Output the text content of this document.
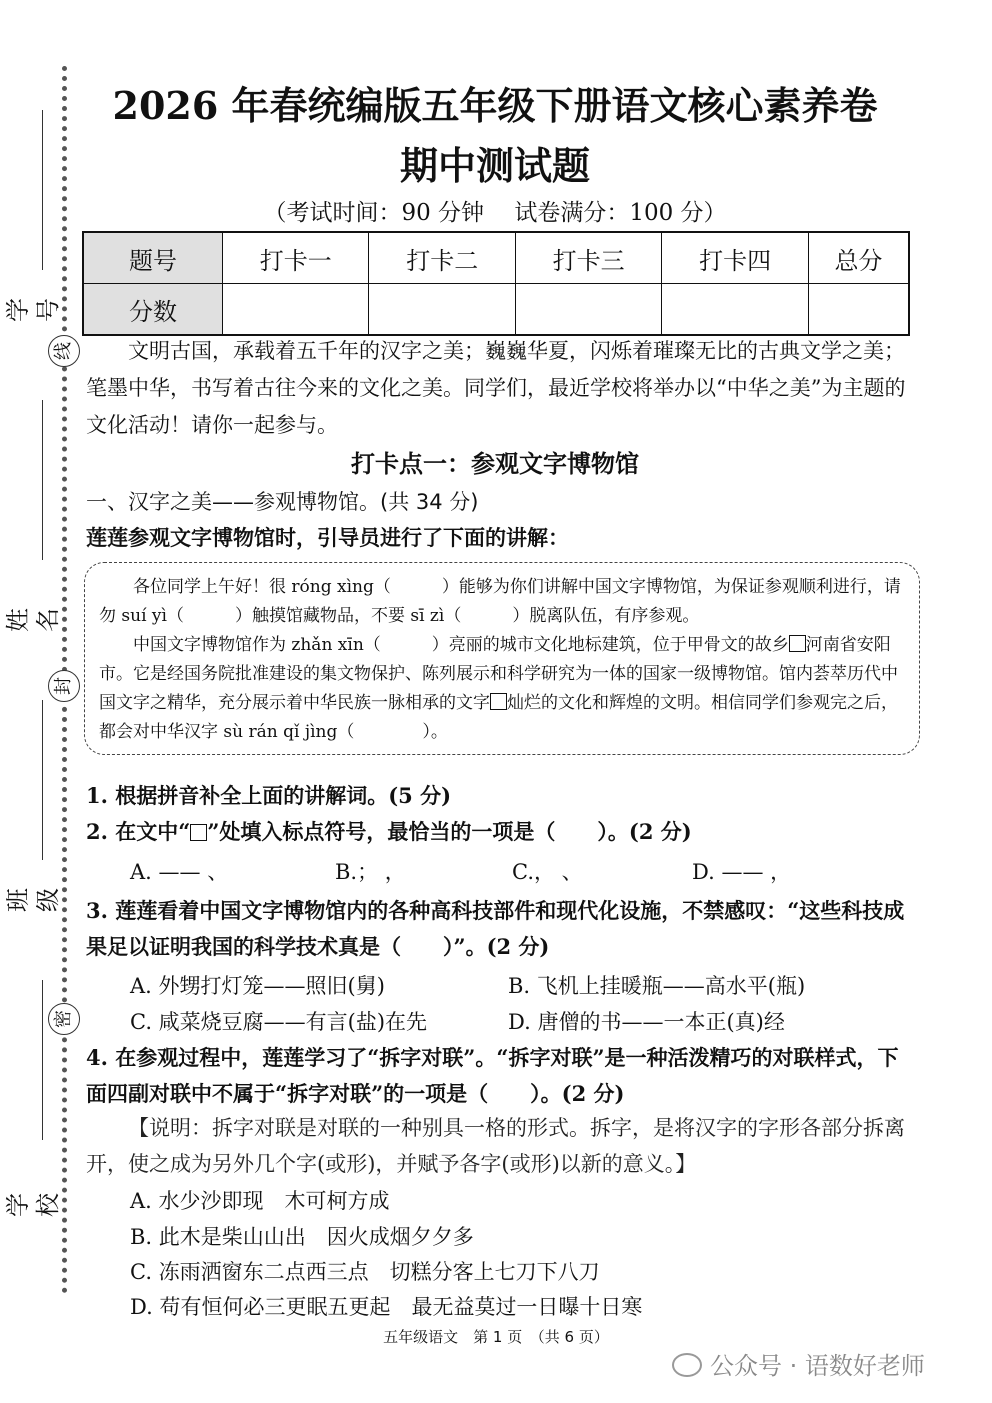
学 号
姓 名
班 级
学 校
线
封
密
2026 年春统编版五年级下册语文核心素养卷
期中测试题
（考试时间：90 分钟　 试卷满分：100 分）
题号	打卡一	打卡二	打卡三	打卡四	总分
分数					
文明古国，承载着五千年的汉字之美；巍巍华夏，闪烁着璀璨无比的古典文学之美；笔墨中华，书写着古往今来的文化之美。同学们，最近学校将举办以“中华之美”为主题的文化活动！请你一起参与。
打卡点一：参观文字博物馆
一、汉字之美——参观博物馆。(共 34 分)
莲莲参观文字博物馆时，引导员进行了下面的讲解：

各位同学上午好！很 róng xìng（　　　）能够为你们讲解中国文字博物馆，为保证参观顺利进行，请勿 suí yì（　　　）触摸馆藏物品，不要 sī zì（　　　）脱离队伍，有序参观。

中国文字博物馆作为 zhǎn xīn（　　　）亮丽的城市文化地标建筑，位于甲骨文的故乡 河南省安阳市。它是经国务院批准建设的集文物保护、陈列展示和科学研究为一体的国家一级博物馆。馆内荟萃历代中国文字之精华，充分展示着中华民族一脉相承的文字 灿烂的文化和辉煌的文明。相信同学们参观完之后，都会对中华汉字 sù rán qǐ jìng（　　　　）。

1. 根据拼音补全上面的讲解词。(5 分)
2. 在文中“ ”处填入标点符号，最恰当的一项是（　　）。(2 分)
A. —— 、	B.； ，	C.， 、	D. —— ，
3. 莲莲看着中国文字博物馆内的各种高科技部件和现代化设施，不禁感叹：“这些科技成果足以证明我国的科学技术真是（　　）”。(2 分)
A. 外甥打灯笼——照旧(舅)	B. 飞机上挂暖瓶——高水平(瓶)
C. 咸菜烧豆腐——有言(盐)在先	D. 唐僧的书——一本正(真)经
4. 在参观过程中，莲莲学习了“拆字对联”。“拆字对联”是一种活泼精巧的对联样式，下面四副对联中不属于“拆字对联”的一项是（　　）。(2 分)
【说明：拆字对联是对联的一种别具一格的形式。拆字，是将汉字的字形各部分拆离开，使之成为另外几个字(或形)，并赋予各字(或形)以新的意义。】
A. 水少沙即现　木可柯方成
B. 此木是柴山山出　因火成烟夕夕多
C. 冻雨洒窗东二点西三点　切糕分客上七刀下八刀
D. 苟有恒何必三更眠五更起　最无益莫过一日曝十日寒
五年级语文　第 1 页　（共 6 页）
公众号 · 语数好老师
